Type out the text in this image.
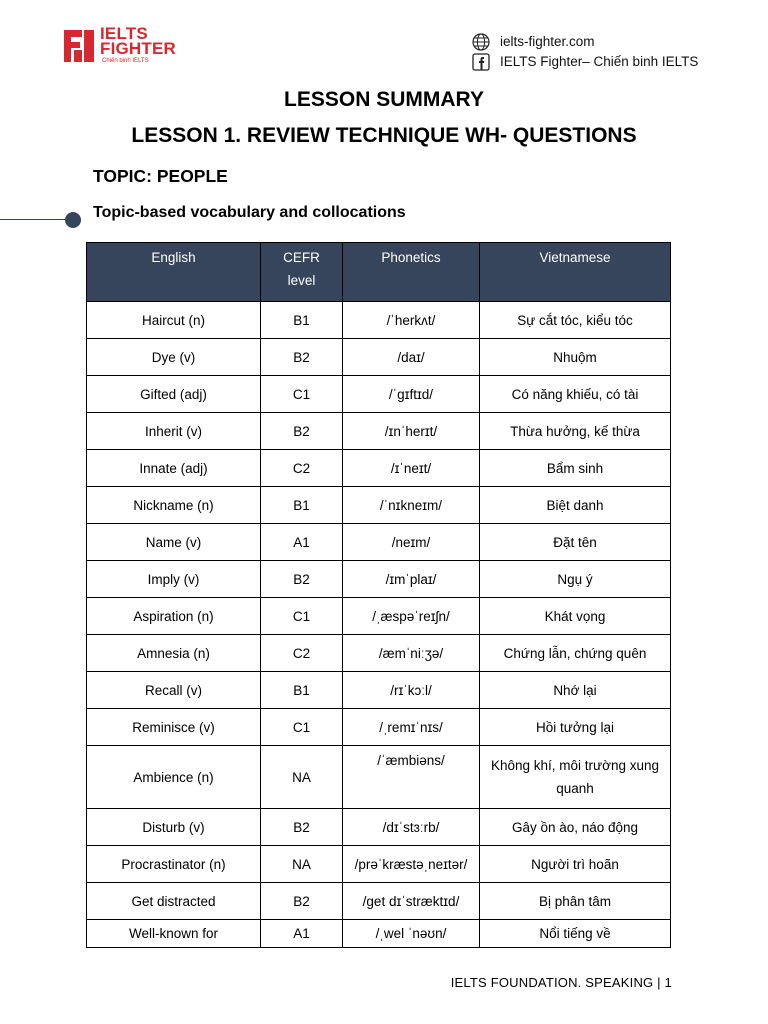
IELTS
FIGHTER
Chiến binh IELTS
ielts-fighter.com
IELTS Fighter– Chiến binh IELTS
LESSON SUMMARY
LESSON 1. REVIEW TECHNIQUE WH- QUESTIONS
TOPIC: PEOPLE
Topic-based vocabulary and collocations
English	CEFR level	Phonetics	Vietnamese
Haircut (n)	B1	/ˈherkʌt/	Sự cắt tóc, kiểu tóc
Dye (v)	B2	/daɪ/	Nhuộm
Gifted (adj)	C1	/ˈɡɪftɪd/	Có năng khiếu, có tài
Inherit (v)	B2	/ɪnˈherɪt/	Thừa hưởng, kế thừa
Innate (adj)	C2	/ɪˈneɪt/	Bẩm sinh
Nickname (n)	B1	/ˈnɪkneɪm/	Biệt danh
Name (v)	A1	/neɪm/	Đặt tên
Imply (v)	B2	/ɪmˈplaɪ/	Ngụ ý
Aspiration (n)	C1	/ˌæspəˈreɪʃn/	Khát vọng
Amnesia (n)	C2	/æmˈniːʒə/	Chứng lẫn, chứng quên
Recall (v)	B1	/rɪˈkɔːl/	Nhớ lại
Reminisce (v)	C1	/ˌremɪˈnɪs/	Hồi tưởng lại
Ambience (n)	NA	/ˈæmbiəns/	Không khí, môi trường xung quanh
Disturb (v)	B2	/dɪˈstɜːrb/	Gây ồn ào, náo động
Procrastinator (n)	NA	/prəˈkræstəˌneɪtər/	Người trì hoãn
Get distracted	B2	/ɡet dɪˈstræktɪd/	Bị phân tâm
Well-known for	A1	/ˌwel ˈnəʊn/	Nổi tiếng về
IELTS FOUNDATION. SPEAKING | 1
